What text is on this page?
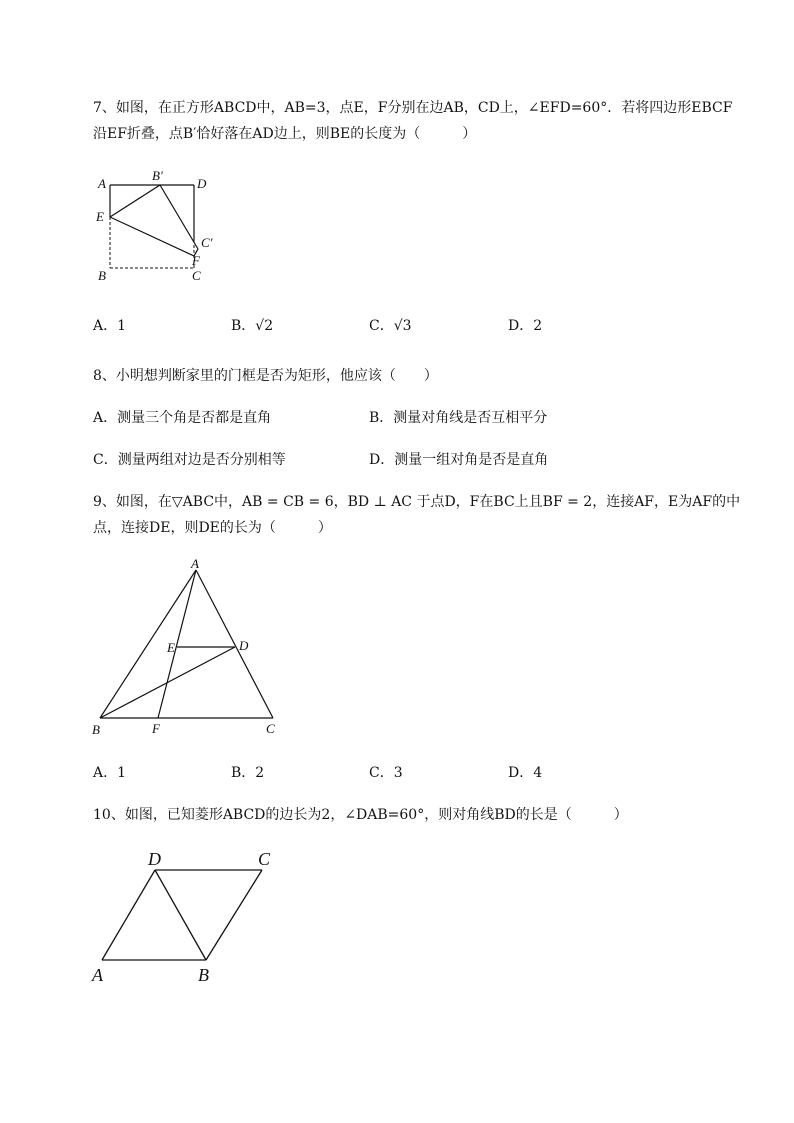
7、如图，在正方形ABCD中，AB=3，点E，F分别在边AB，CD上，∠EFD=60°．若将四边形EBCF
沿EF折叠，点B′恰好落在AD边上，则BE的长度为（　　　）
A
B′
D
E
C′
F
B	C
A．1	B．√2	C．√3	D．2
8、小明想判断家里的门框是否为矩形，他应该（　　）
A．测量三个角是否都是直角	B．测量对角线是否互相平分
C．测量两组对边是否分别相等	D．测量一组对角是否是直角
9、如图，在▽ABC中，AB = CB = 6，BD ⊥ AC 于点D，F在BC上且BF = 2，连接AF，E为AF的中
点，连接DE，则DE的长为（　　　）
A
E	D
B	F	C
A．1	B．2	C．3	D．4
10、如图，已知菱形ABCD的边长为2，∠DAB=60°，则对角线BD的长是（　　　）
D	C
A	B
